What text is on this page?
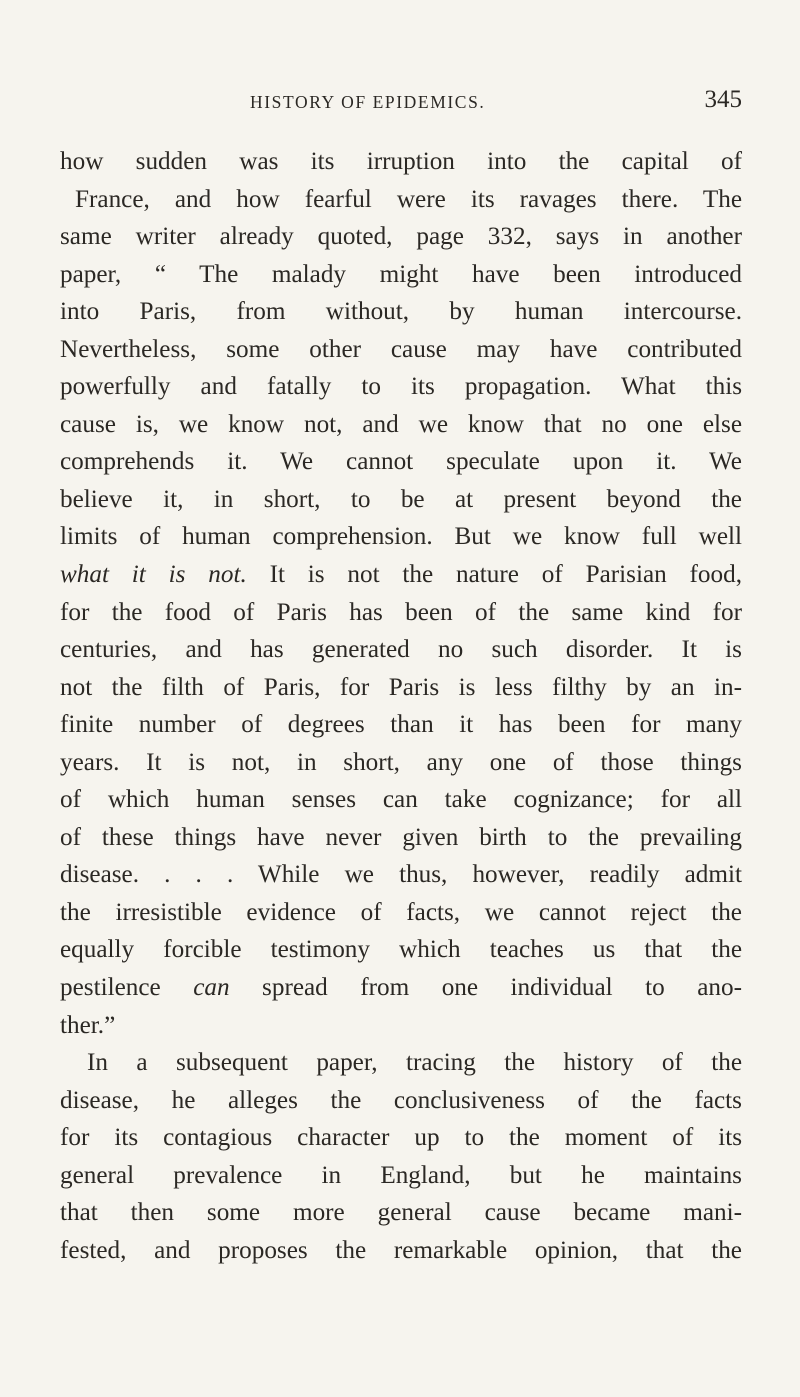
HISTORY OF EPIDEMICS.	345
how sudden was its irruption into the capital of
France, and how fearful were its ravages there. The
same writer already quoted, page 332, says in another
paper, “ The malady might have been introduced
into Paris, from without, by human intercourse.
Nevertheless, some other cause may have contributed
powerfully and fatally to its propagation. What this
cause is, we know not, and we know that no one else
comprehends it. We cannot speculate upon it. We
believe it, in short, to be at present beyond the
limits of human comprehension. But we know full well
what it is not. It is not the nature of Parisian food,
for the food of Paris has been of the same kind for
centuries, and has generated no such disorder. It is
not the filth of Paris, for Paris is less filthy by an in-
finite number of degrees than it has been for many
years. It is not, in short, any one of those things
of which human senses can take cognizance; for all
of these things have never given birth to the prevailing
disease. . . . While we thus, however, readily admit
the irresistible evidence of facts, we cannot reject the
equally forcible testimony which teaches us that the
pestilence can spread from one individual to ano-
ther.”
In a subsequent paper, tracing the history of the
disease, he alleges the conclusiveness of the facts
for its contagious character up to the moment of its
general prevalence in England, but he maintains
that then some more general cause became mani-
fested, and proposes the remarkable opinion, that the
